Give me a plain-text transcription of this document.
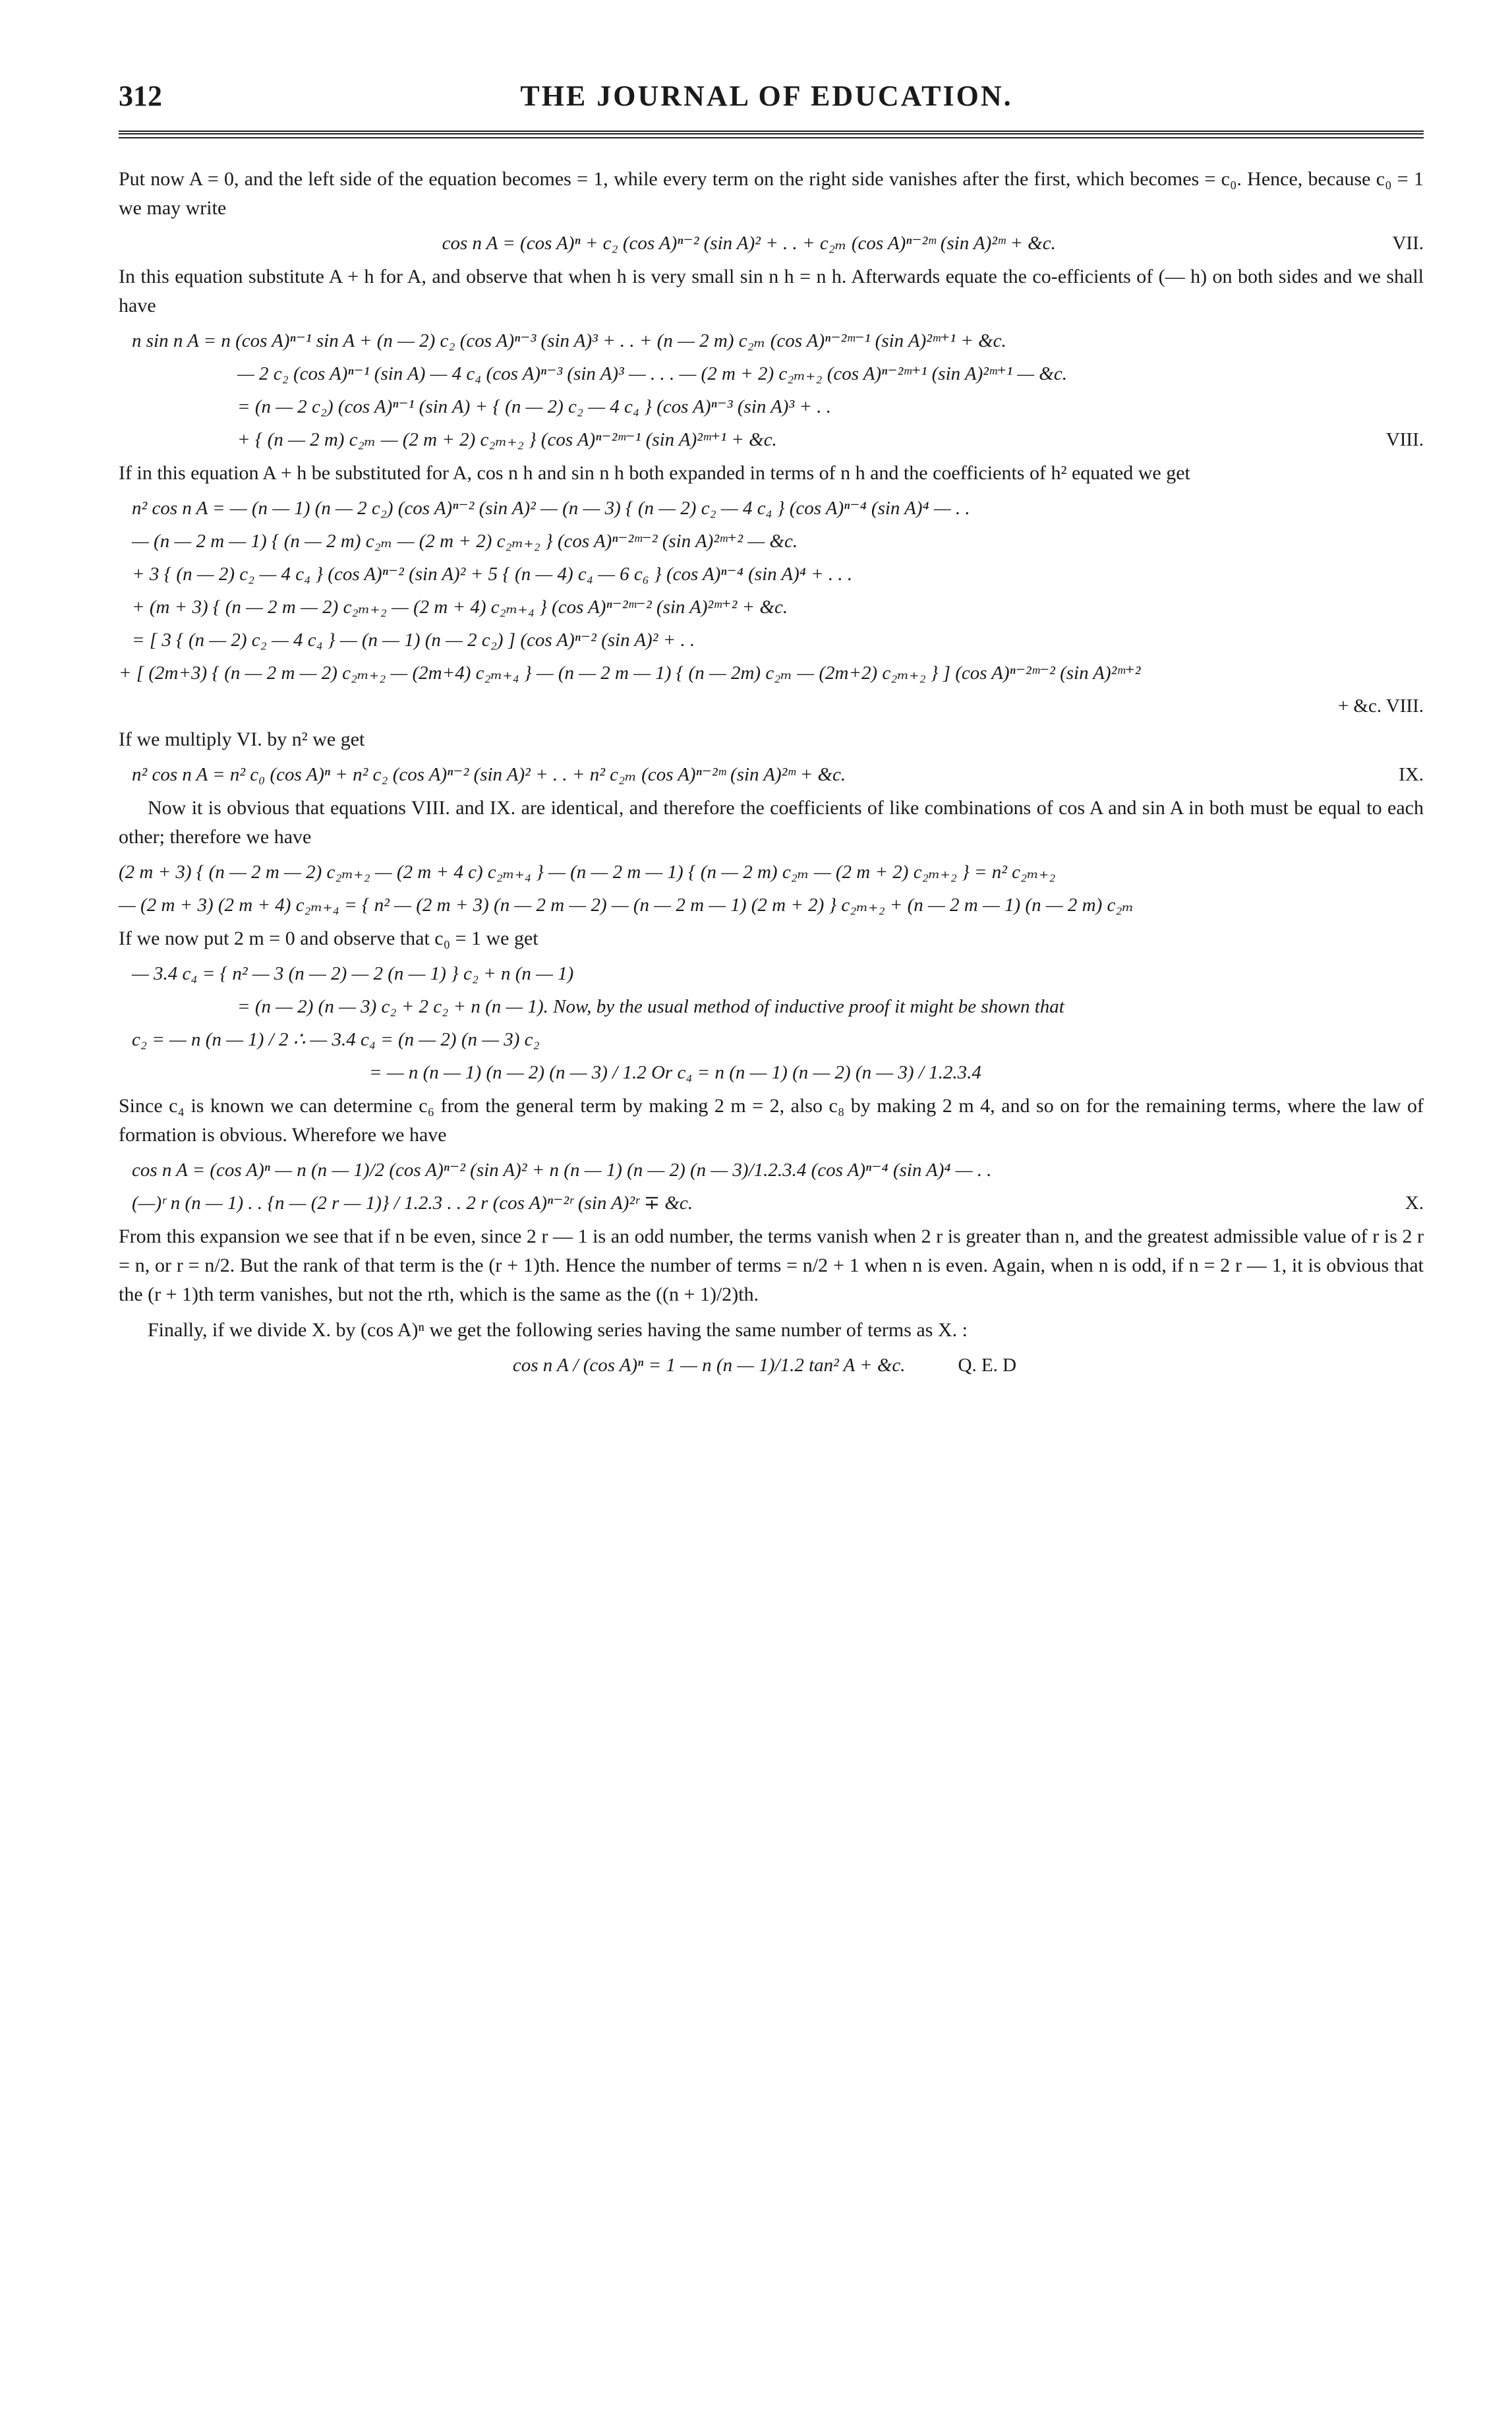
312	THE JOURNAL OF EDUCATION.

Put now A = 0, and the left side of the equation becomes = 1, while every term on the right side vanishes after the first, which becomes = c₀. Hence, because c₀ = 1 we may write

cos n A = (cos A)ⁿ + c₂ (cos A)ⁿ⁻² (sin A)² + . . + c₂ₘ (cos A)ⁿ⁻²ᵐ (sin A)²ᵐ + &c.	VII.

In this equation substitute A + h for A, and observe that when h is very small sin n h = n h. Afterwards equate the co-efficients of (— h) on both sides and we shall have

n sin n A = n (cos A)ⁿ⁻¹ sin A + (n — 2) c₂ (cos A)ⁿ⁻³ (sin A)³ + . . + (n — 2 m) c₂ₘ (cos A)ⁿ⁻²ᵐ⁻¹ (sin A)²ᵐ⁺¹ + &c.
— 2 c₂ (cos A)ⁿ⁻¹ (sin A) — 4 c₄ (cos A)ⁿ⁻³ (sin A)³ — . . . — (2 m + 2) c₂ₘ₊₂ (cos A)ⁿ⁻²ᵐ⁺¹ (sin A)²ᵐ⁺¹ — &c.
= (n — 2 c₂) (cos A)ⁿ⁻¹ (sin A) + { (n — 2) c₂ — 4 c₄ } (cos A)ⁿ⁻³ (sin A)³ + . .
+ { (n — 2 m) c₂ₘ — (2 m + 2) c₂ₘ₊₂ } (cos A)ⁿ⁻²ᵐ⁻¹ (sin A)²ᵐ⁺¹ + &c.	VIII.

If in this equation A + h be substituted for A, cos n h and sin n h both expanded in terms of n h and the coefficients of h² equated we get

n² cos n A = — (n — 1) (n — 2 c₂) (cos A)ⁿ⁻² (sin A)² — (n — 3) { (n — 2) c₂ — 4 c₄ } (cos A)ⁿ⁻⁴ (sin A)⁴ — . .
— (n — 2 m — 1) { (n — 2 m) c₂ₘ — (2 m + 2) c₂ₘ₊₂ } (cos A)ⁿ⁻²ᵐ⁻² (sin A)²ᵐ⁺² — &c.
+ 3 { (n — 2) c₂ — 4 c₄ } (cos A)ⁿ⁻² (sin A)² + 5 { (n — 4) c₄ — 6 c₆ } (cos A)ⁿ⁻⁴ (sin A)⁴ + . . .
+ (m + 3) { (n — 2 m — 2) c₂ₘ₊₂ — (2 m + 4) c₂ₘ₊₄ } (cos A)ⁿ⁻²ᵐ⁻² (sin A)²ᵐ⁺² + &c.
= [ 3 { (n — 2) c₂ — 4 c₄ } — (n — 1) (n — 2 c₂) ] (cos A)ⁿ⁻² (sin A)² + . .
+ [ (2m+3) { (n — 2 m — 2) c₂ₘ₊₂ — (2m+4) c₂ₘ₊₄ } — (n — 2 m — 1) { (n — 2m) c₂ₘ — (2m+2) c₂ₘ₊₂ } ] (cos A)ⁿ⁻²ᵐ⁻² (sin A)²ᵐ⁺²
+ &c. VIII.

If we multiply VI. by n² we get

n² cos n A = n² c₀ (cos A)ⁿ + n² c₂ (cos A)ⁿ⁻² (sin A)² + . . + n² c₂ₘ (cos A)ⁿ⁻²ᵐ (sin A)²ᵐ + &c.	IX.

Now it is obvious that equations VIII. and IX. are identical, and therefore the coefficients of like combinations of cos A and sin A in both must be equal to each other; therefore we have

(2 m + 3) { (n — 2 m — 2) c₂ₘ₊₂ — (2 m + 4 c) c₂ₘ₊₄ } — (n — 2 m — 1) { (n — 2 m) c₂ₘ — (2 m + 2) c₂ₘ₊₂ } = n² c₂ₘ₊₂
— (2 m + 3) (2 m + 4) c₂ₘ₊₄ = { n² — (2 m + 3) (n — 2 m — 2) — (n — 2 m — 1) (2 m + 2) } c₂ₘ₊₂ + (n — 2 m — 1) (n — 2 m) c₂ₘ

If we now put 2 m = 0 and observe that c₀ = 1 we get

— 3.4 c₄ = { n² — 3 (n — 2) — 2 (n — 1) } c₂ + n (n — 1)
= (n — 2) (n — 3) c₂ + 2 c₂ + n (n — 1). Now, by the usual method of inductive proof it might be shown that
c₂ = — n (n — 1) / 2 ∴ — 3.4 c₄ = (n — 2) (n — 3) c₂
= — n (n — 1) (n — 2) (n — 3) / 1.2 Or c₄ = n (n — 1) (n — 2) (n — 3) / 1.2.3.4

Since c₄ is known we can determine c₆ from the general term by making 2 m = 2, also c₈ by making 2 m 4, and so on for the remaining terms, where the law of formation is obvious. Wherefore we have

cos n A = (cos A)ⁿ — n (n — 1)/2 (cos A)ⁿ⁻² (sin A)² + n (n — 1) (n — 2) (n — 3)/1.2.3.4 (cos A)ⁿ⁻⁴ (sin A)⁴ — . .
(—)ʳ n (n — 1) . . {n — (2 r — 1)} / 1.2.3 . . 2 r (cos A)ⁿ⁻²ʳ (sin A)²ʳ ∓ &c.	X.

From this expansion we see that if n be even, since 2 r — 1 is an odd number, the terms vanish when 2 r is greater than n, and the greatest admissible value of r is 2 r = n, or r = n/2. But the rank of that term is the (r + 1)th. Hence the number of terms = n/2 + 1 when n is even. Again, when n is odd, if n = 2 r — 1, it is obvious that the (r + 1)th term vanishes, but not the rth, which is the same as the ((n + 1)/2)th.

Finally, if we divide X. by (cos A)ⁿ we get the following series having the same number of terms as X. :

cos n A / (cos A)ⁿ = 1 — n (n — 1)/1.2 tan² A + &c.	Q. E. D
